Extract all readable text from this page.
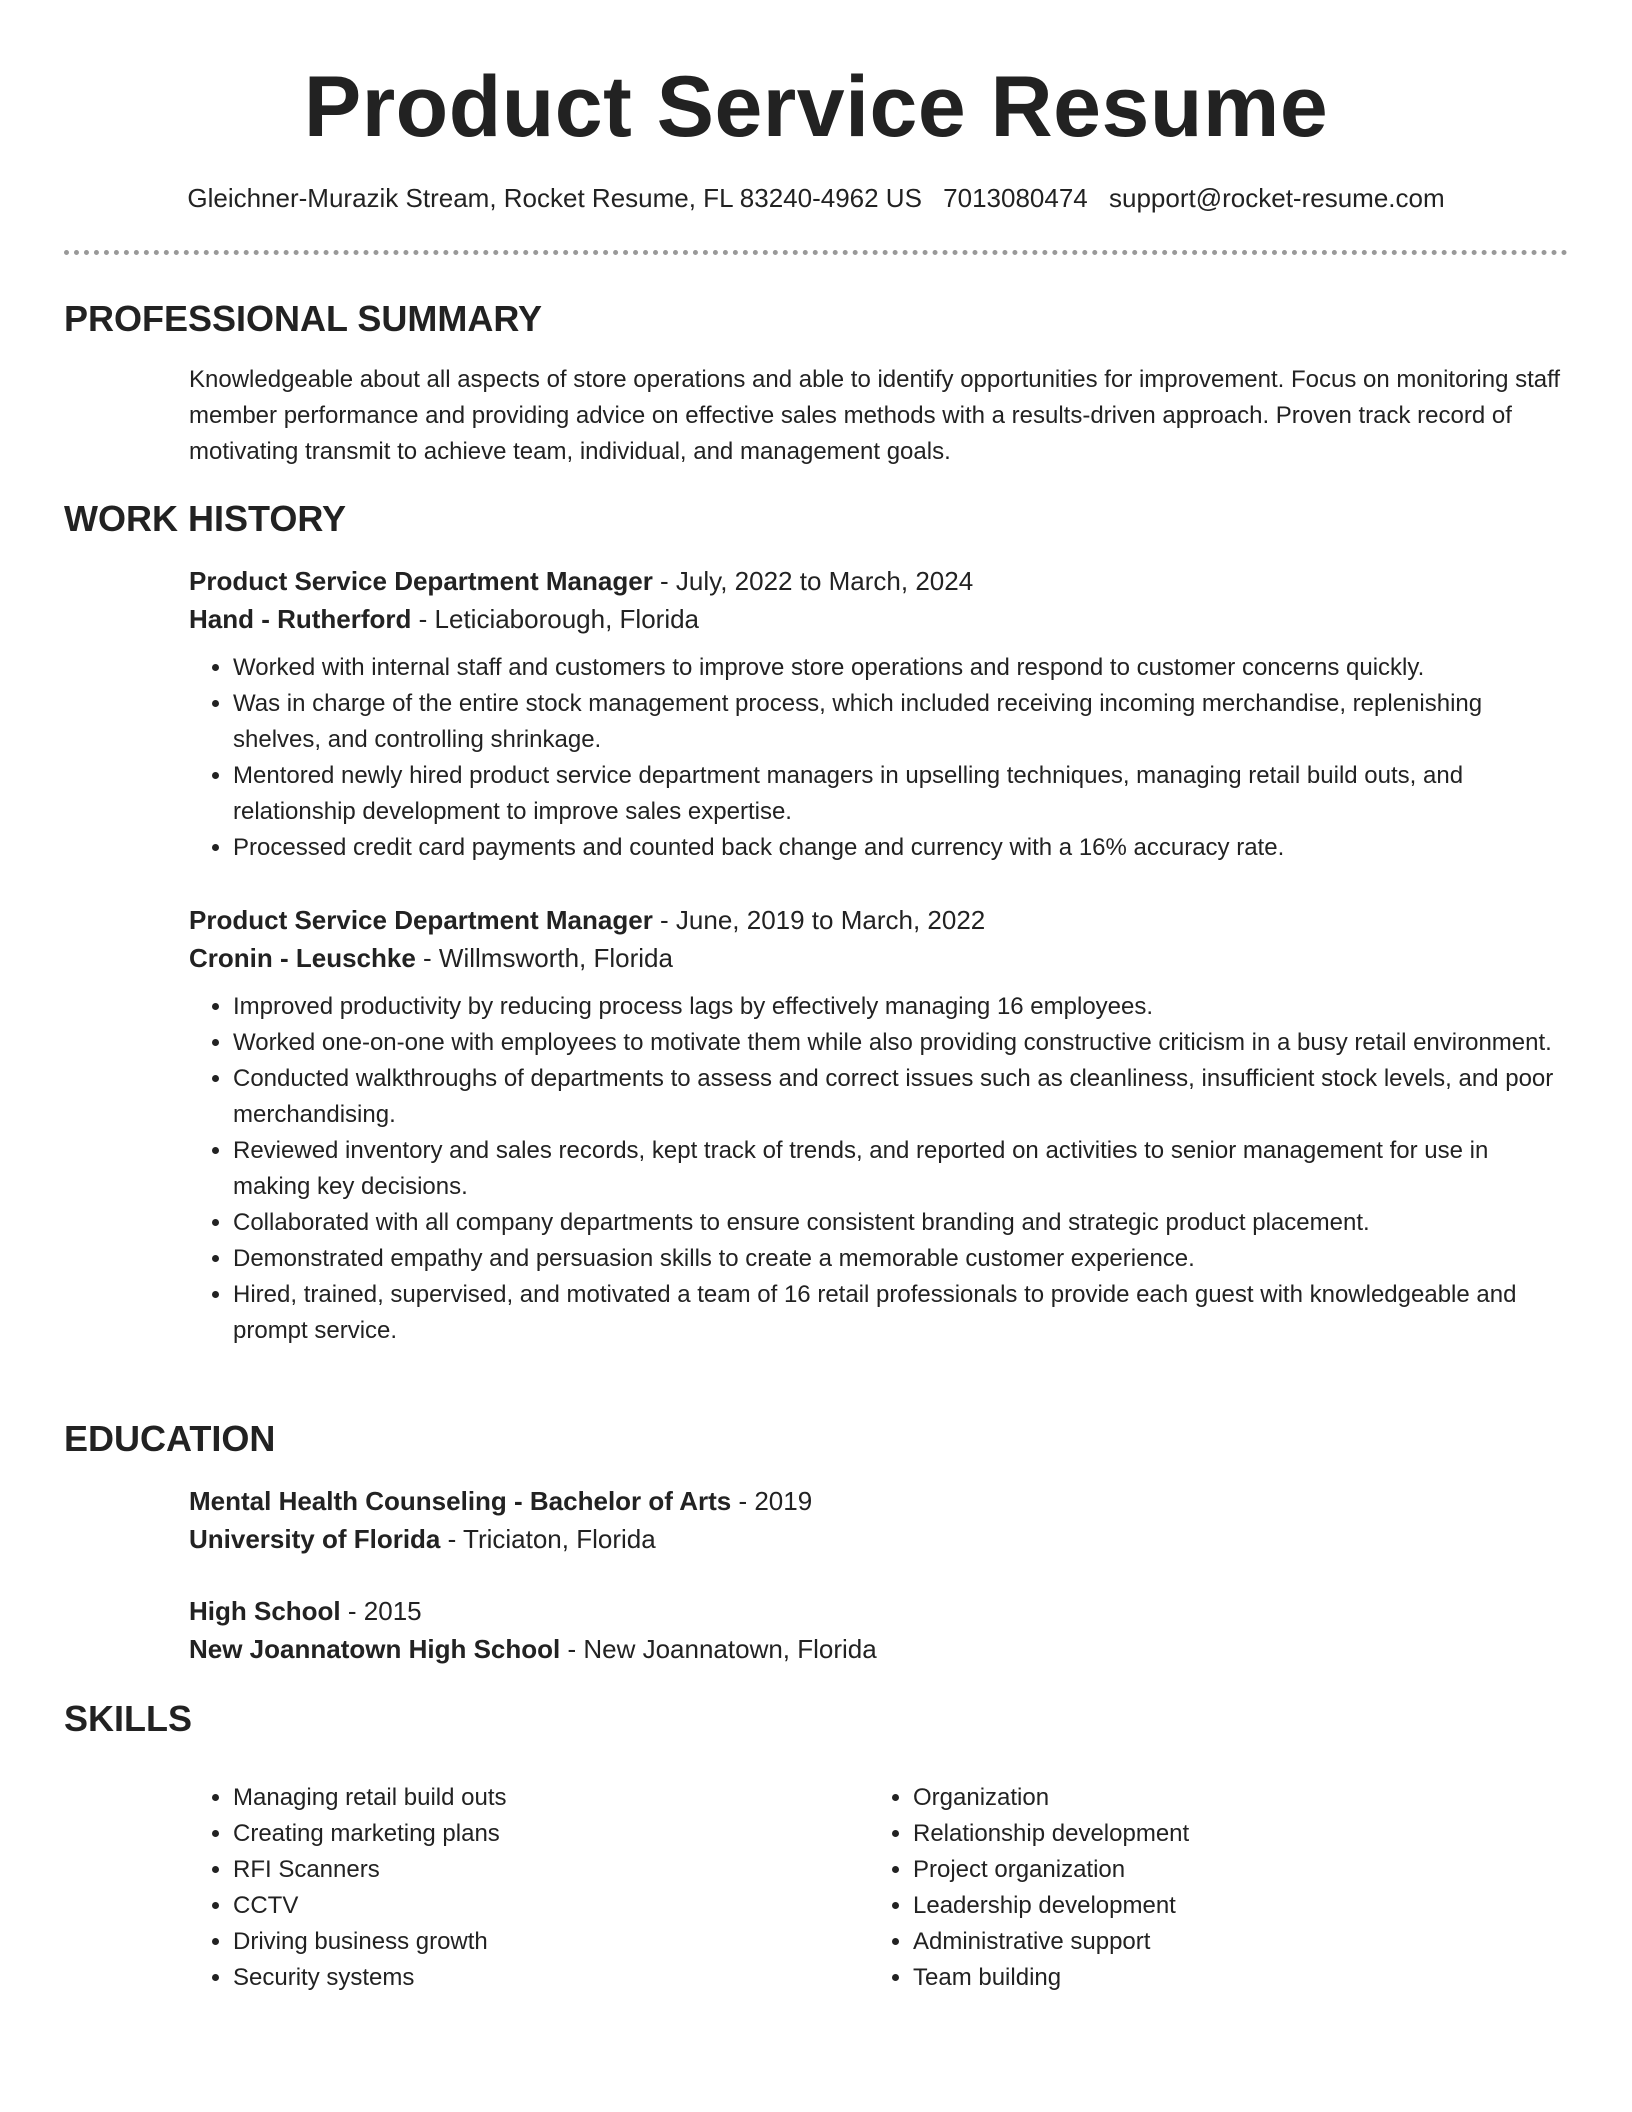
Product Service Resume
Gleichner-Murazik Stream, Rocket Resume, FL 83240-4962 US 7013080474 support@rocket-resume.com
PROFESSIONAL SUMMARY

Knowledgeable about all aspects of store operations and able to identify opportunities for improvement. Focus on monitoring staff member performance and providing advice on effective sales methods with a results-driven approach. Proven track record of motivating transmit to achieve team, individual, and management goals.

WORK HISTORY

Product Service Department Manager - July, 2022 to March, 2024

Hand - Rutherford - Leticiaborough, Florida

• Worked with internal staff and customers to improve store operations and respond to customer concerns quickly.
• Was in charge of the entire stock management process, which included receiving incoming merchandise, replenishing shelves, and controlling shrinkage.
• Mentored newly hired product service department managers in upselling techniques, managing retail build outs, and relationship development to improve sales expertise.
• Processed credit card payments and counted back change and currency with a 16% accuracy rate.

Product Service Department Manager - June, 2019 to March, 2022

Cronin - Leuschke - Willmsworth, Florida

• Improved productivity by reducing process lags by effectively managing 16 employees.
• Worked one-on-one with employees to motivate them while also providing constructive criticism in a busy retail environment.
• Conducted walkthroughs of departments to assess and correct issues such as cleanliness, insufficient stock levels, and poor merchandising.
• Reviewed inventory and sales records, kept track of trends, and reported on activities to senior management for use in making key decisions.
• Collaborated with all company departments to ensure consistent branding and strategic product placement.
• Demonstrated empathy and persuasion skills to create a memorable customer experience.
• Hired, trained, supervised, and motivated a team of 16 retail professionals to provide each guest with knowledgeable and prompt service.
EDUCATION

Mental Health Counseling - Bachelor of Arts - 2019

University of Florida - Triciaton, Florida

High School - 2015

New Joannatown High School - New Joannatown, Florida

SKILLS
• Managing retail build outs
• Creating marketing plans
• RFI Scanners
• CCTV
• Driving business growth
• Security systems
• Organization
• Relationship development
• Project organization
• Leadership development
• Administrative support
• Team building
